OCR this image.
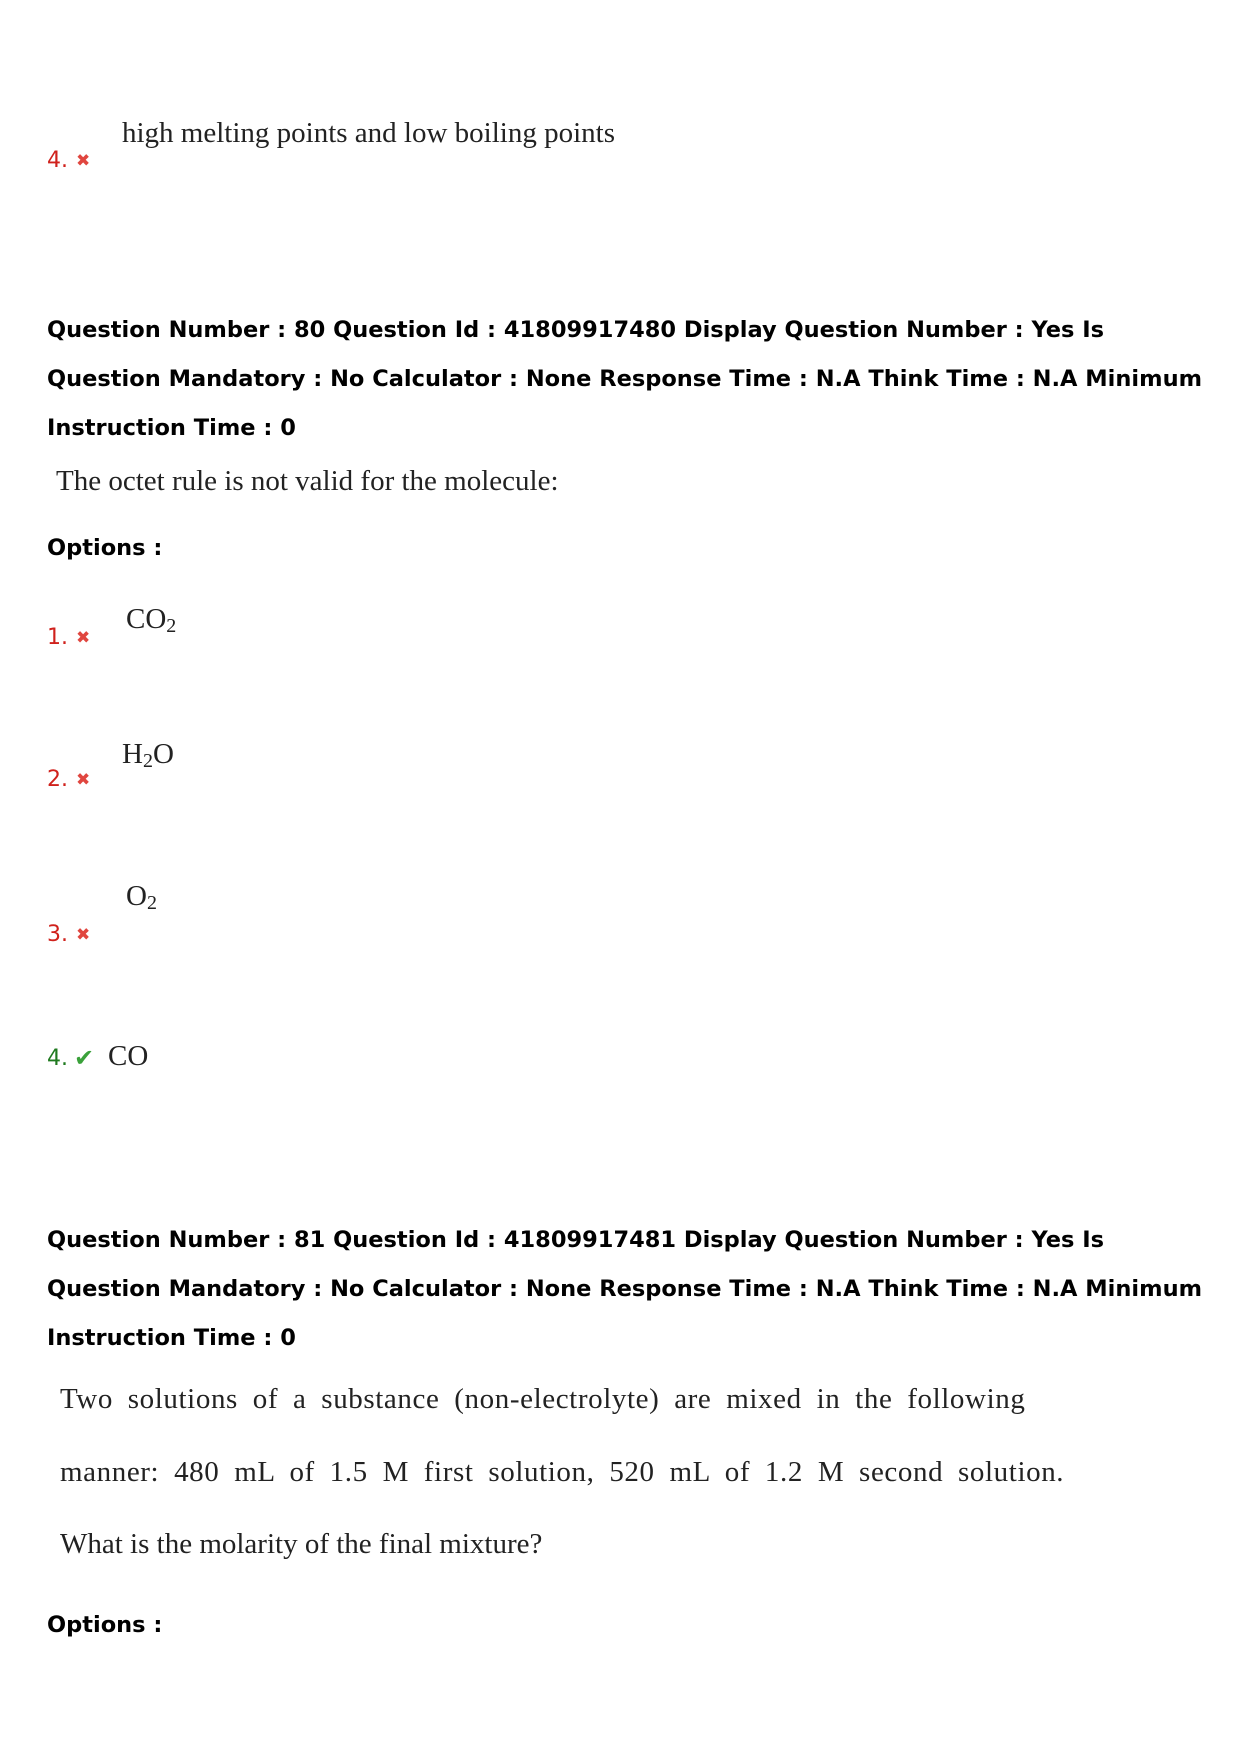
high melting points and low boiling points
4. ✖
Question Number : 80 Question Id : 41809917480 Display Question Number : Yes Is Question Mandatory : No Calculator : None Response Time : N.A Think Time : N.A Minimum Instruction Time : 0
The octet rule is not valid for the molecule:
Options :
$CO_2$
1. ✖
$H_2O$
2. ✖
$O_2$
3. ✖
4. ✔ CO
Question Number : 81 Question Id : 41809917481 Display Question Number : Yes Is Question Mandatory : No Calculator : None Response Time : N.A Think Time : N.A Minimum Instruction Time : 0
Two solutions of a substance (non-electrolyte) are mixed in the following
manner: 480 mL of 1.5 M first solution, 520 mL of 1.2 M second solution.
What is the molarity of the final mixture?
Options :
